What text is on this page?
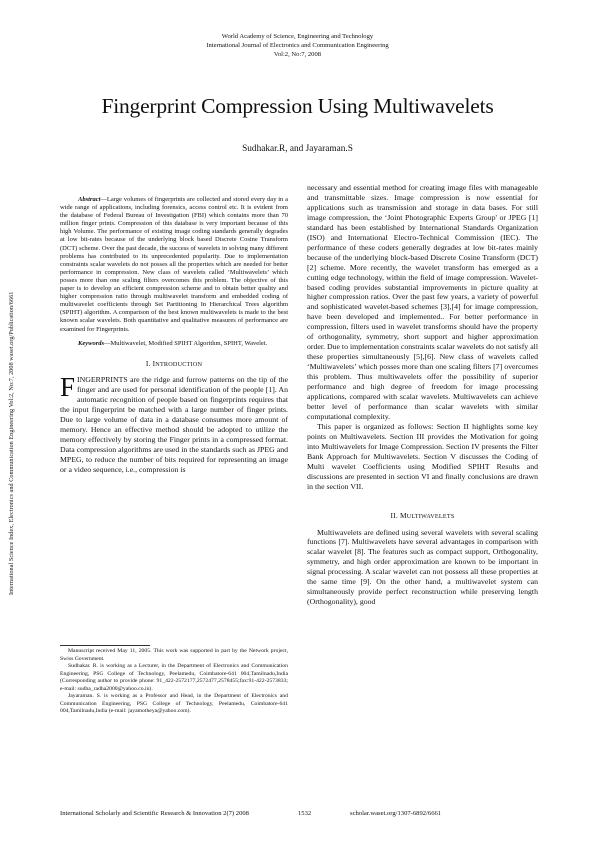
World Academy of Science, Engineering and Technology
International Journal of Electronics and Communication Engineering
Vol:2, No:7, 2008
Fingerprint Compression Using Multiwavelets
Sudhakar.R, and Jayaraman.S
International Science Index, Electronics and Communication Engineering Vol:2, No:7, 2008 waset.org/Publication/6661

Abstract—Large volumes of fingerprints are collected and stored every day in a wide range of applications, including forensics, access control etc. It is evident from the database of Federal Bureau of Investigation (FBI) which contains more than 70 million finger prints. Compression of this database is very important because of this high Volume. The performance of existing image coding standards generally degrades at low bit-rates because of the underlying block based Discrete Cosine Transform (DCT) scheme. Over the past decade, the success of wavelets in solving many different problems has contributed to its unprecedented popularity. Due to implementation constraints scalar wavelets do not posses all the properties which are needed for better performance in compression. New class of wavelets called ‘Multiwavelets’ which posses more than one scaling filters overcomes this problem. The objective of this paper is to develop an efficient compression scheme and to obtain better quality and higher compression ratio through multiwavelet transform and embedded coding of multiwavelet coefficients through Set Partitioning In Hierarchical Trees algorithm (SPIHT) algorithm. A comparison of the best known multiwavelets is made to the best known scalar wavelets. Both quantitative and qualitative measures of performance are examined for Fingerprints.

Keywords—Multiwavelet, Modified SPIHT Algorithm, SPIHT, Wavelet.

I. INTRODUCTION

FINGERPRINTS are the ridge and furrow patterns on the tip of the finger and are used for personal identification of the people [1]. An automatic recognition of people based on fingerprints requires that the input fingerprint be matched with a large number of finger prints. Due to large volume of data in a database consumes more amount of memory. Hence an effective method should be adopted to utilize the memory effectively by storing the Finger prints in a compressed format. Data compression algorithms are used in the standards such as JPEG and MPEG, to reduce the number of bits required for representing an image or a video sequence, i.e., compression is

necessary and essential method for creating image files with manageable and transmittable sizes. Image compression is now essential for applications such as transmission and storage in data bases. For still image compression, the ‘Joint Photographic Experts Group' or JPEG [1] standard has been established by International Standards Organization (ISO) and International Electro-Technical Commission (IEC). The performance of these coders generally degrades at low bit-rates mainly because of the underlying block-based Discrete Cosine Transform (DCT) [2] scheme. More recently, the wavelet transform has emerged as a cutting edge technology, within the field of image compression. Wavelet-based coding provides substantial improvements in picture quality at higher compression ratios. Over the past few years, a variety of powerful and sophisticated wavelet-based schemes [3],[4] for image compression, have been developed and implemented.. For better performance in compression, filters used in wavelet transforms should have the property of orthogonality, symmetry, short support and higher approximation order. Due to implementation constraints scalar wavelets do not satisfy all these properties simultaneously [5],[6]. New class of wavelets called ‘Multiwavelets’ which posses more than one scaling filters [7] overcomes this problem. Thus multiwavelets offer the possibility of superior performance and high degree of freedom for image processing applications, compared with scalar wavelets. Multiwavelets can achieve better level of performance than scalar wavelets with similar computational complexity.

This paper is organized as follows: Section II highlights some key points on Multiwavelets. Section III provides the Motivation for going into Multiwavelets for Image Compression. Section IV presents the Filter Bank Approach for Multiwavelets. Section V discusses the Coding of Multi wavelet Coefficients using Modified SPIHT Results and discussions are presented in section VI and finally conclusions are drawn in the section VII.

II. MULTIWAVELETS

Multiwavelets are defined using several wavelets with several scaling functions [7]. Multiwavelets have several advantages in comparison with scalar wavelet [8]. The features such as compact support, Orthogonality, symmetry, and high order approximation are known to be important in signal processing. A scalar wavelet can not possess all these properties at the same time [9]. On the other hand, a multiwavelet system can simultaneously provide perfect reconstruction while preserving length (Orthogonality), good

Manuscript received May 11, 2005. This work was supported in part by the Network project, Swiss Government.

Sudhakar. R. is working as a Lecturer, in the Department of Electronics and Communication Engineering, PSG College of Technology, Peelamedu, Coimbatore-641 004,Tamilnadu,India (Corresponding author to provide phone: 91_422-2572177,2572477,2578455;fax:91-422-2573833; e-mail: sudha_radha2000@yahoo.co.in).

Jayaraman. S. is working as a Professor and Head, in the Department of Electronics and Communication Engineering, PSG College of Technology, Peelamedu, Coimbatore-641 004,Tamilnadu,India (e-mail: jayamotheya@yahoo.com).

International Scholarly and Scientific Research & Innovation 2(7) 2008	1532	scholar.waset.org/1307-6892/6661
